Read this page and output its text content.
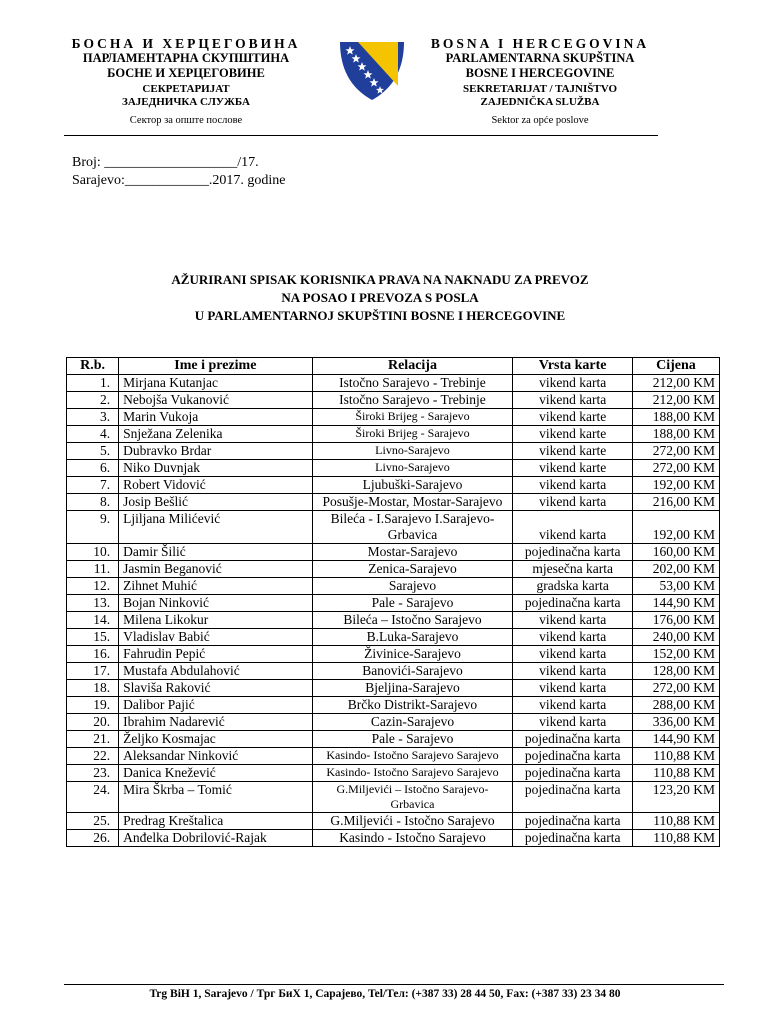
БОСНА И ХЕРЦЕГОВИНА
ПАРЛАМЕНТАРНА СКУПШТИНА
БОСНЕ И ХЕРЦЕГОВИНЕ
СЕКРЕТАРИЈАТ
ЗАЈЕДНИЧКА СЛУЖБА
Сектор за опште послове
BOSNA I HERCEGOVINA
PARLAMENTARNA SKUPŠTINA
BOSNE I HERCEGOVINE
SEKRETARIJAT / TAJNIŠTVO
ZAJEDNIČKA SLUŽBA
Sektor za opće poslove
Broj: ___________________/17.
Sarajevo:____________.2017. godine
AŽURIRANI SPISAK KORISNIKA PRAVA NA NAKNADU ZA PREVOZ
NA POSAO I PREVOZA S POSLA
U PARLAMENTARNOJ SKUPŠTINI BOSNE I HERCEGOVINE
R.b.	Ime i prezime	Relacija	Vrsta karte	Cijena
1.	Mirjana Kutanjac	Istočno Sarajevo - Trebinje	vikend karta	212,00 KM
2.	Nebojša Vukanović	Istočno Sarajevo - Trebinje	vikend karta	212,00 KM
3.	Marin Vukoja	Široki Brijeg - Sarajevo	vikend karte	188,00 KM
4.	Snježana Zelenika	Široki Brijeg - Sarajevo	vikend karte	188,00 KM
5.	Dubravko Brdar	Livno-Sarajevo	vikend karte	272,00 KM
6.	Niko Duvnjak	Livno-Sarajevo	vikend karte	272,00 KM
7.	Robert Vidović	Ljubuški-Sarajevo	vikend karta	192,00 KM
8.	Josip Bešlić	Posušje-Mostar, Mostar-Sarajevo	vikend karta	216,00 KM
9.	Ljiljana Milićević	Bileća - I.Sarajevo I.Sarajevo- Grbavica	vikend karta	192,00 KM
10.	Damir Šilić	Mostar-Sarajevo	pojedinačna karta	160,00 KM
11.	Jasmin Beganović	Zenica-Sarajevo	mjesečna karta	202,00 KM
12.	Zihnet Muhić	Sarajevo	gradska karta	53,00 KM
13.	Bojan Ninković	Pale - Sarajevo	pojedinačna karta	144,90 KM
14.	Milena Likokur	Bileća – Istočno Sarajevo	vikend karta	176,00 KM
15.	Vladislav Babić	B.Luka-Sarajevo	vikend karta	240,00 KM
16.	Fahrudin Pepić	Živinice-Sarajevo	vikend karta	152,00 KM
17.	Mustafa Abdulahović	Banovići-Sarajevo	vikend karta	128,00 KM
18.	Slaviša Raković	Bjeljina-Sarajevo	vikend karta	272,00 KM
19.	Dalibor Pajić	Brčko Distrikt-Sarajevo	vikend karta	288,00 KM
20.	Ibrahim Nadarević	Cazin-Sarajevo	vikend karta	336,00 KM
21.	Željko Kosmajac	Pale - Sarajevo	pojedinačna karta	144,90 KM
22.	Aleksandar Ninković	Kasindo- Istočno Sarajevo Sarajevo	pojedinačna karta	110,88 KM
23.	Danica Knežević	Kasindo- Istočno Sarajevo Sarajevo	pojedinačna karta	110,88 KM
24.	Mira Škrba – Tomić	G.Miljevići – Istočno Sarajevo-Grbavica	pojedinačna karta	123,20 KM
25.	Predrag Kreštalica	G.Miljevići - Istočno Sarajevo	pojedinačna karta	110,88 KM
26.	Anđelka Dobrilović-Rajak	Kasindo - Istočno Sarajevo	pojedinačna karta	110,88 KM
Trg BiH 1, Sarajevo / Трг БиХ 1, Сарајево, Tel/Тел: (+387 33) 28 44 50, Fax: (+387 33) 23 34 80
